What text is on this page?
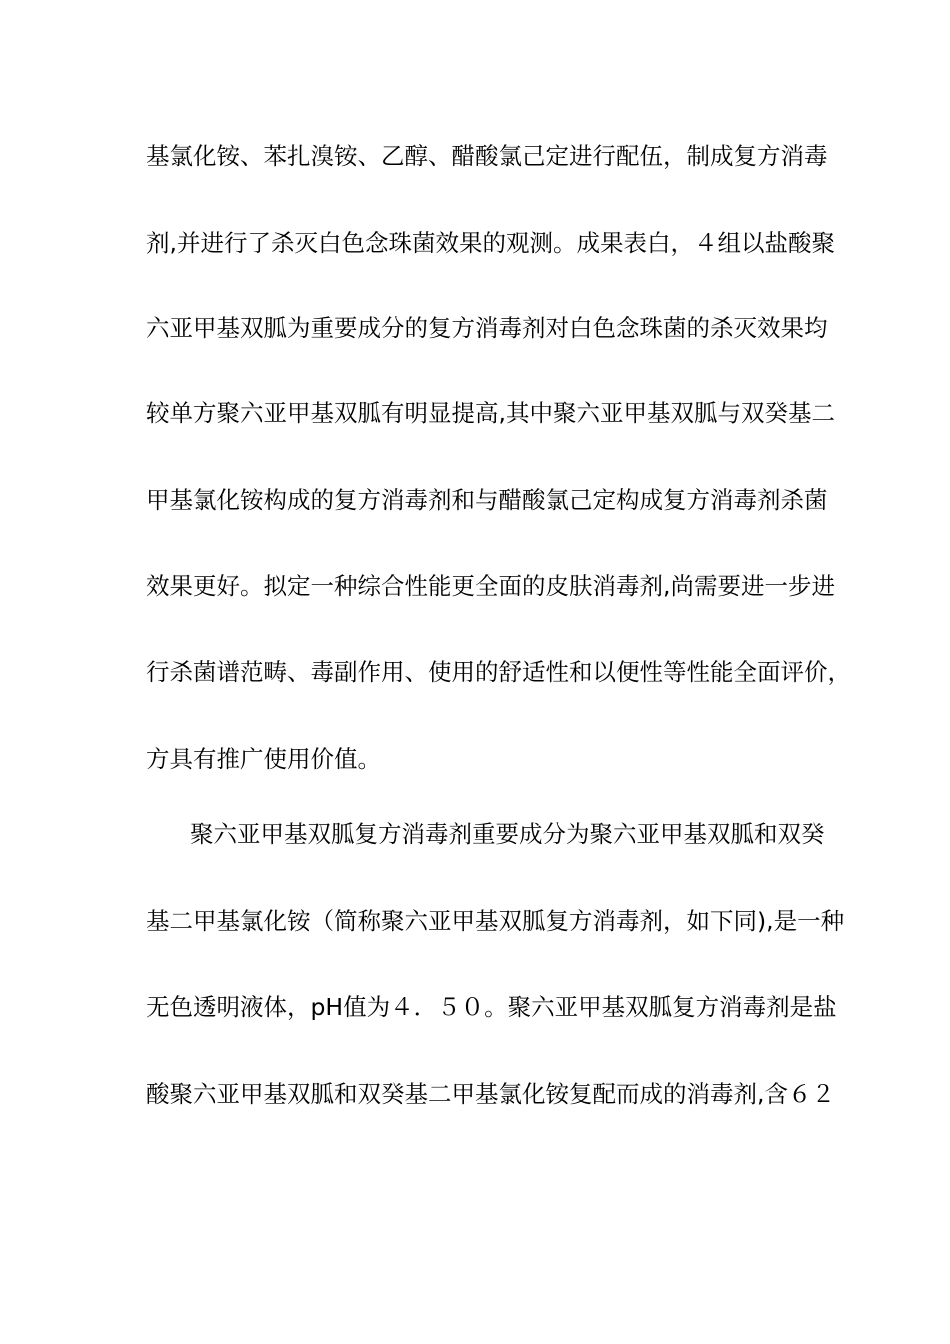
基氯化铵、苯扎溴铵、乙醇、醋酸氯己定进行配伍，制成复方消毒
剂,并进行了杀灭白色念珠菌效果的观测。成果表白，４组以盐酸聚
六亚甲基双胍为重要成分的复方消毒剂对白色念珠菌的杀灭效果均
较单方聚六亚甲基双胍有明显提高,其中聚六亚甲基双胍与双癸基二
甲基氯化铵构成的复方消毒剂和与醋酸氯己定构成复方消毒剂杀菌
效果更好。拟定一种综合性能更全面的皮肤消毒剂,尚需要进一步进
行杀菌谱范畴、毒副作用、使用的舒适性和以便性等性能全面评价，
方具有推广使用价值。
聚六亚甲基双胍复方消毒剂重要成分为聚六亚甲基双胍和双癸
基二甲基氯化铵（简称聚六亚甲基双胍复方消毒剂，如下同),是一种
无色透明液体，pH值为４．５０。聚六亚甲基双胍复方消毒剂是盐
酸聚六亚甲基双胍和双癸基二甲基氯化铵复配而成的消毒剂,含６２
